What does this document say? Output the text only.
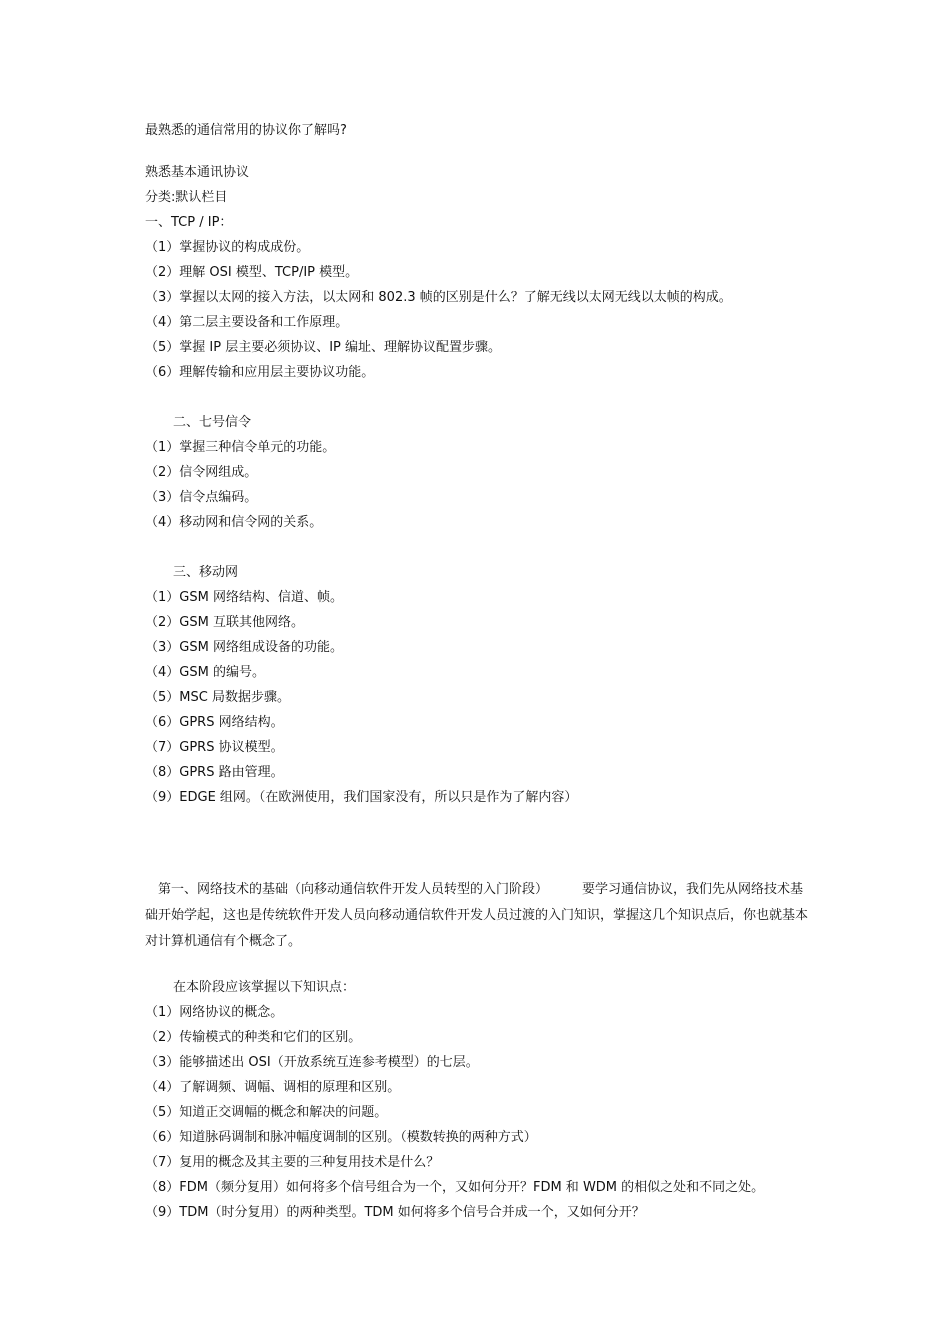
最熟悉的通信常用的协议你了解吗?
熟悉基本通讯协议
分类:默认栏目
一、TCP / IP：
（1）掌握协议的构成成份。
（2）理解 OSI 模型、TCP/IP 模型。
（3）掌握以太网的接入方法，以太网和 802.3 帧的区别是什么？了解无线以太网无线以太帧的构成。
（4）第二层主要设备和工作原理。
（5）掌握 IP 层主要必须协议、IP 编址、理解协议配置步骤。
（6）理解传输和应用层主要协议功能。
二、七号信令
（1）掌握三种信令单元的功能。
（2）信令网组成。
（3）信令点编码。
（4）移动网和信令网的关系。
三、移动网
（1）GSM 网络结构、信道、帧。
（2）GSM 互联其他网络。
（3）GSM 网络组成设备的功能。
（4）GSM 的编号。
（5）MSC 局数据步骤。
（6）GPRS 网络结构。
（7）GPRS 协议模型。
（8）GPRS 路由管理。
（9）EDGE 组网。（在欧洲使用，我们国家没有，所以只是作为了解内容）
第一、网络技术的基础（向移动通信软件开发人员转型的入门阶段）	要学习通信协议，我们先从网络技术基础开始学起，这也是传统软件开发人员向移动通信软件开发人员过渡的入门知识，掌握这几个知识点后，你也就基本对计算机通信有个概念了。
在本阶段应该掌握以下知识点：
（1）网络协议的概念。
（2）传输模式的种类和它们的区别。
（3）能够描述出 OSI（开放系统互连参考模型）的七层。
（4）了解调频、调幅、调相的原理和区别。
（5）知道正交调幅的概念和解决的问题。
（6）知道脉码调制和脉冲幅度调制的区别。（模数转换的两种方式）
（7）复用的概念及其主要的三种复用技术是什么？
（8）FDM（频分复用）如何将多个信号组合为一个，又如何分开？FDM 和 WDM 的相似之处和不同之处。
（9）TDM（时分复用）的两种类型。TDM 如何将多个信号合并成一个，又如何分开？
